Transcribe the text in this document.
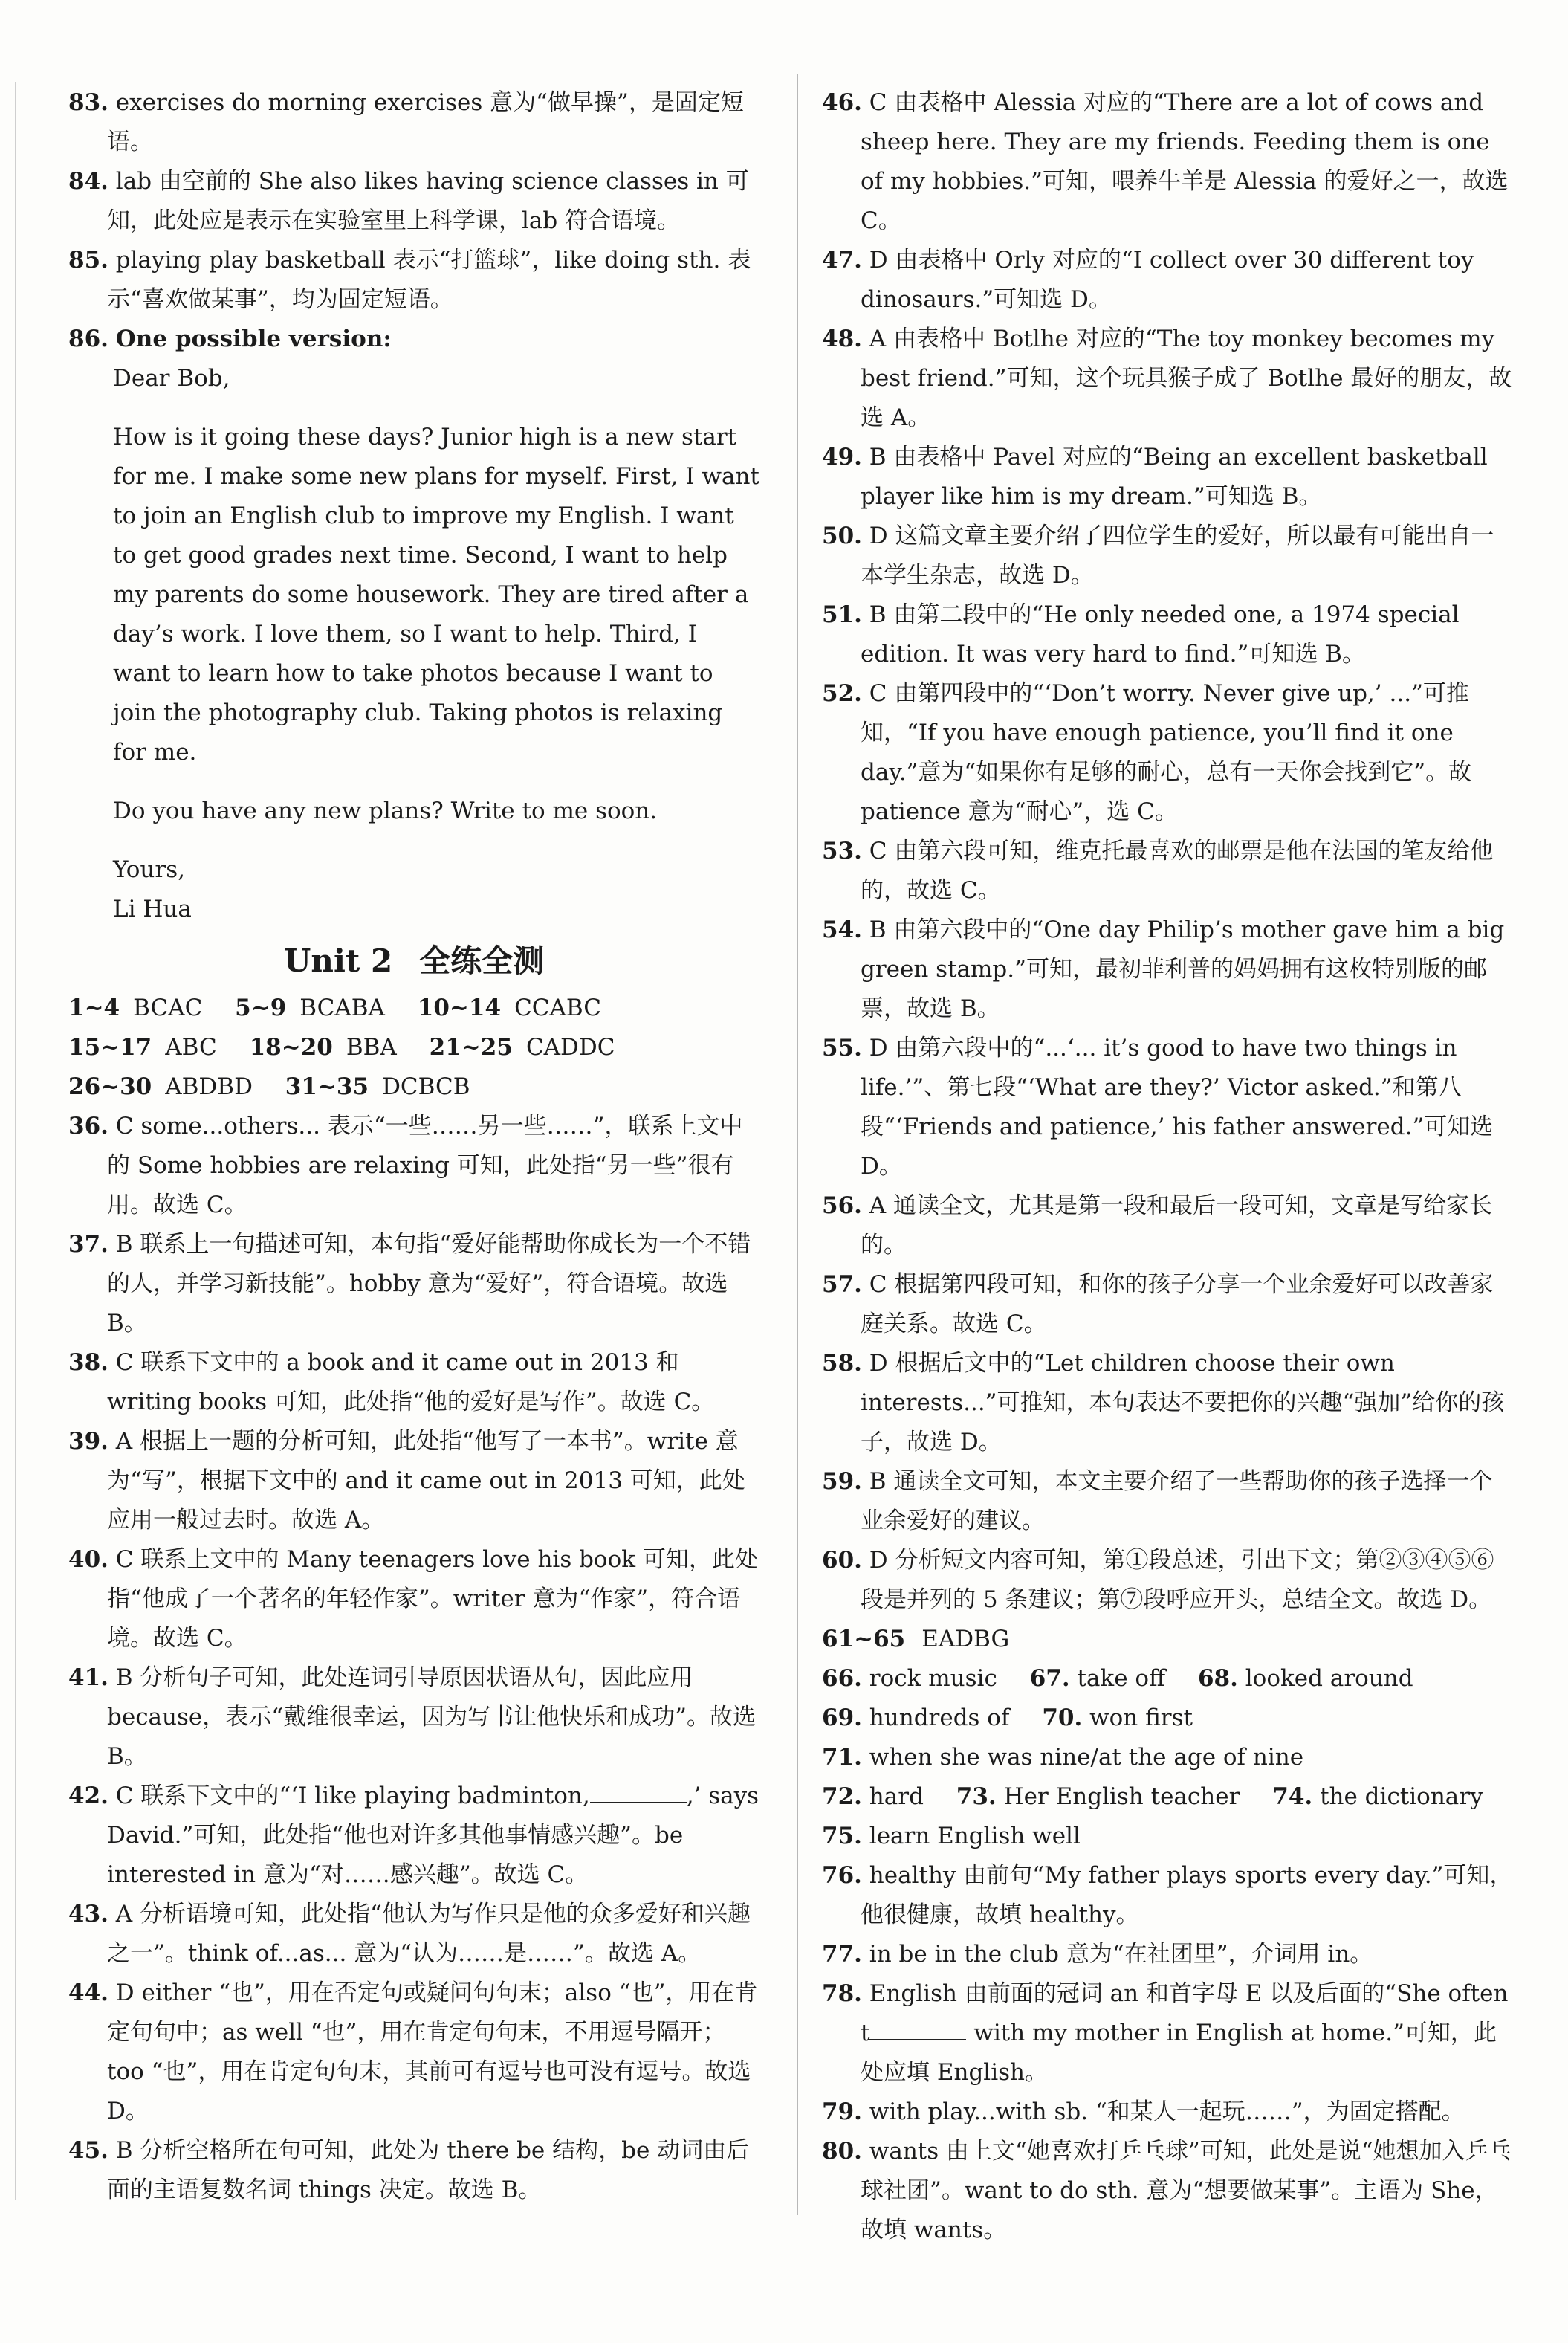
83. exercises do morning exercises 意为“做早操”，是固定短语。

84. lab 由空前的 She also likes having science classes in 可知，此处应是表示在实验室里上科学课，lab 符合语境。

85. playing play basketball 表示“打篮球”，like doing sth. 表示“喜欢做某事”，均为固定短语。

86. One possible version:

Dear Bob,

How is it going these days? Junior high is a new start for me. I make some new plans for myself. First, I want to join an English club to improve my English. I want to get good grades next time. Second, I want to help my parents do some housework. They are tired after a day’s work. I love them, so I want to help. Third, I want to learn how to take photos because I want to join the photography club. Taking photos is relaxing for me.

Do you have any new plans? Write to me soon.

Yours,

Li Hua

Unit 2 全练全测

1~4 BCAC 5~9 BCABA 10~14 CCABC

15~17 ABC 18~20 BBA 21~25 CADDC

26~30 ABDBD 31~35 DCBCB

36. C some...others... 表示“一些……另一些……”，联系上文中的 Some hobbies are relaxing 可知，此处指“另一些”很有用。故选 C。

37. B 联系上一句描述可知，本句指“爱好能帮助你成长为一个不错的人，并学习新技能”。hobby 意为“爱好”，符合语境。故选 B。

38. C 联系下文中的 a book and it came out in 2013 和 writing books 可知，此处指“他的爱好是写作”。故选 C。

39. A 根据上一题的分析可知，此处指“他写了一本书”。write 意为“写”，根据下文中的 and it came out in 2013 可知，此处应用一般过去时。故选 A。

40. C 联系上文中的 Many teenagers love his book 可知，此处指“他成了一个著名的年轻作家”。writer 意为“作家”，符合语境。故选 C。

41. B 分析句子可知，此处连词引导原因状语从句，因此应用 because，表示“戴维很幸运，因为写书让他快乐和成功”。故选 B。

42. C 联系下文中的“‘I like playing badminton,	,’ says David.”可知，此处指“他也对许多其他事情感兴趣”。be interested in 意为“对……感兴趣”。故选 C。

43. A 分析语境可知，此处指“他认为写作只是他的众多爱好和兴趣之一”。think of...as... 意为“认为……是……”。故选 A。

44. D either “也”，用在否定句或疑问句句末；also “也”，用在肯定句句中；as well “也”，用在肯定句句末，不用逗号隔开；too “也”，用在肯定句句末，其前可有逗号也可没有逗号。故选 D。

45. B 分析空格所在句可知，此处为 there be 结构，be 动词由后面的主语复数名词 things 决定。故选 B。

46. C 由表格中 Alessia 对应的“There are a lot of cows and sheep here. They are my friends. Feeding them is one of my hobbies.”可知，喂养牛羊是 Alessia 的爱好之一，故选 C。

47. D 由表格中 Orly 对应的“I collect over 30 different toy dinosaurs.”可知选 D。

48. A 由表格中 Botlhe 对应的“The toy monkey becomes my best friend.”可知，这个玩具猴子成了 Botlhe 最好的朋友，故选 A。

49. B 由表格中 Pavel 对应的“Being an excellent basketball player like him is my dream.”可知选 B。

50. D 这篇文章主要介绍了四位学生的爱好，所以最有可能出自一本学生杂志，故选 D。

51. B 由第二段中的“He only needed one, a 1974 special edition. It was very hard to find.”可知选 B。

52. C 由第四段中的“‘Don’t worry. Never give up,’ ...”可推知，“If you have enough patience, you’ll find it one day.”意为“如果你有足够的耐心，总有一天你会找到它”。故 patience 意为“耐心”，选 C。

53. C 由第六段可知，维克托最喜欢的邮票是他在法国的笔友给他的，故选 C。

54. B 由第六段中的“One day Philip’s mother gave him a big green stamp.”可知，最初菲利普的妈妈拥有这枚特别版的邮票，故选 B。

55. D 由第六段中的“...‘... it’s good to have two things in life.’”、第七段“‘What are they?’ Victor asked.”和第八段“‘Friends and patience,’ his father answered.”可知选 D。

56. A 通读全文，尤其是第一段和最后一段可知，文章是写给家长的。

57. C 根据第四段可知，和你的孩子分享一个业余爱好可以改善家庭关系。故选 C。

58. D 根据后文中的“Let children choose their own interests...”可推知，本句表达不要把你的兴趣“强加”给你的孩子，故选 D。

59. B 通读全文可知，本文主要介绍了一些帮助你的孩子选择一个业余爱好的建议。

60. D 分析短文内容可知，第①段总述，引出下文；第②③④⑤⑥段是并列的 5 条建议；第⑦段呼应开头，总结全文。故选 D。

61~65 EADBG

66. rock music 67. take off 68. looked around

69. hundreds of 70. won first

71. when she was nine/at the age of nine

72. hard 73. Her English teacher 74. the dictionary

75. learn English well

76. healthy 由前句“My father plays sports every day.”可知，他很健康，故填 healthy。

77. in be in the club 意为“在社团里”，介词用 in。

78. English 由前面的冠词 an 和首字母 E 以及后面的“She often t	with my mother in English at home.”可知，此处应填 English。

79. with play...with sb. “和某人一起玩……”，为固定搭配。

80. wants 由上文“她喜欢打乒乓球”可知，此处是说“她想加入乒乓球社团”。want to do sth. 意为“想要做某事”。主语为 She，故填 wants。
